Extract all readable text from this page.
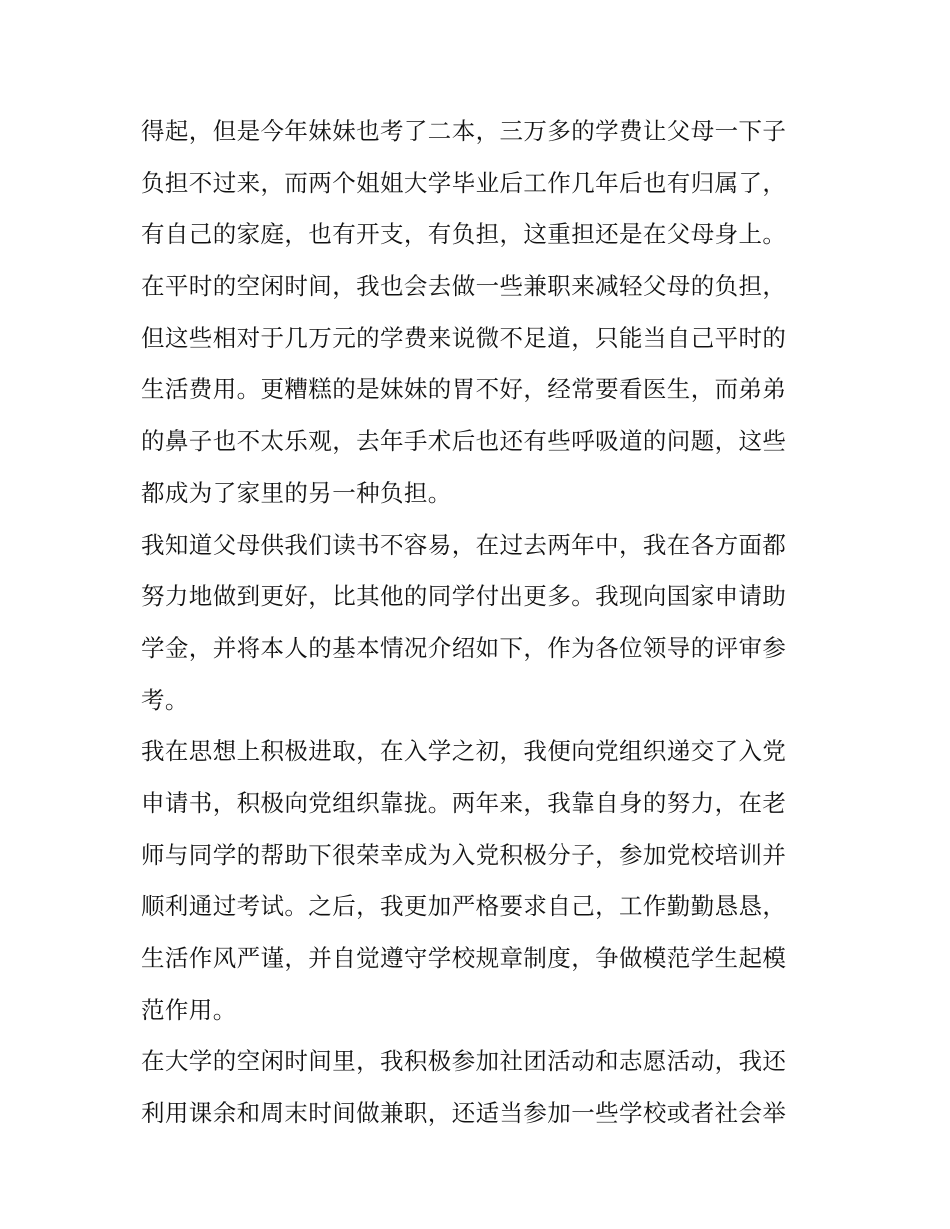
得起，但是今年妹妹也考了二本，三万多的学费让父母一下子
负担不过来，而两个姐姐大学毕业后工作几年后也有归属了，
有自己的家庭，也有开支，有负担，这重担还是在父母身上。
在平时的空闲时间，我也会去做一些兼职来减轻父母的负担，
但这些相对于几万元的学费来说微不足道，只能当自己平时的
生活费用。更糟糕的是妹妹的胃不好，经常要看医生，而弟弟
的鼻子也不太乐观，去年手术后也还有些呼吸道的问题，这些
都成为了家里的另一种负担。
我知道父母供我们读书不容易，在过去两年中，我在各方面都
努力地做到更好，比其他的同学付出更多。我现向国家申请助
学金，并将本人的基本情况介绍如下，作为各位领导的评审参
考。
我在思想上积极进取，在入学之初，我便向党组织递交了入党
申请书，积极向党组织靠拢。两年来，我靠自身的努力，在老
师与同学的帮助下很荣幸成为入党积极分子，参加党校培训并
顺利通过考试。之后，我更加严格要求自己，工作勤勤恳恳，
生活作风严谨，并自觉遵守学校规章制度，争做模范学生起模
范作用。
在大学的空闲时间里，我积极参加社团活动和志愿活动，我还
利用课余和周末时间做兼职，还适当参加一些学校或者社会举
